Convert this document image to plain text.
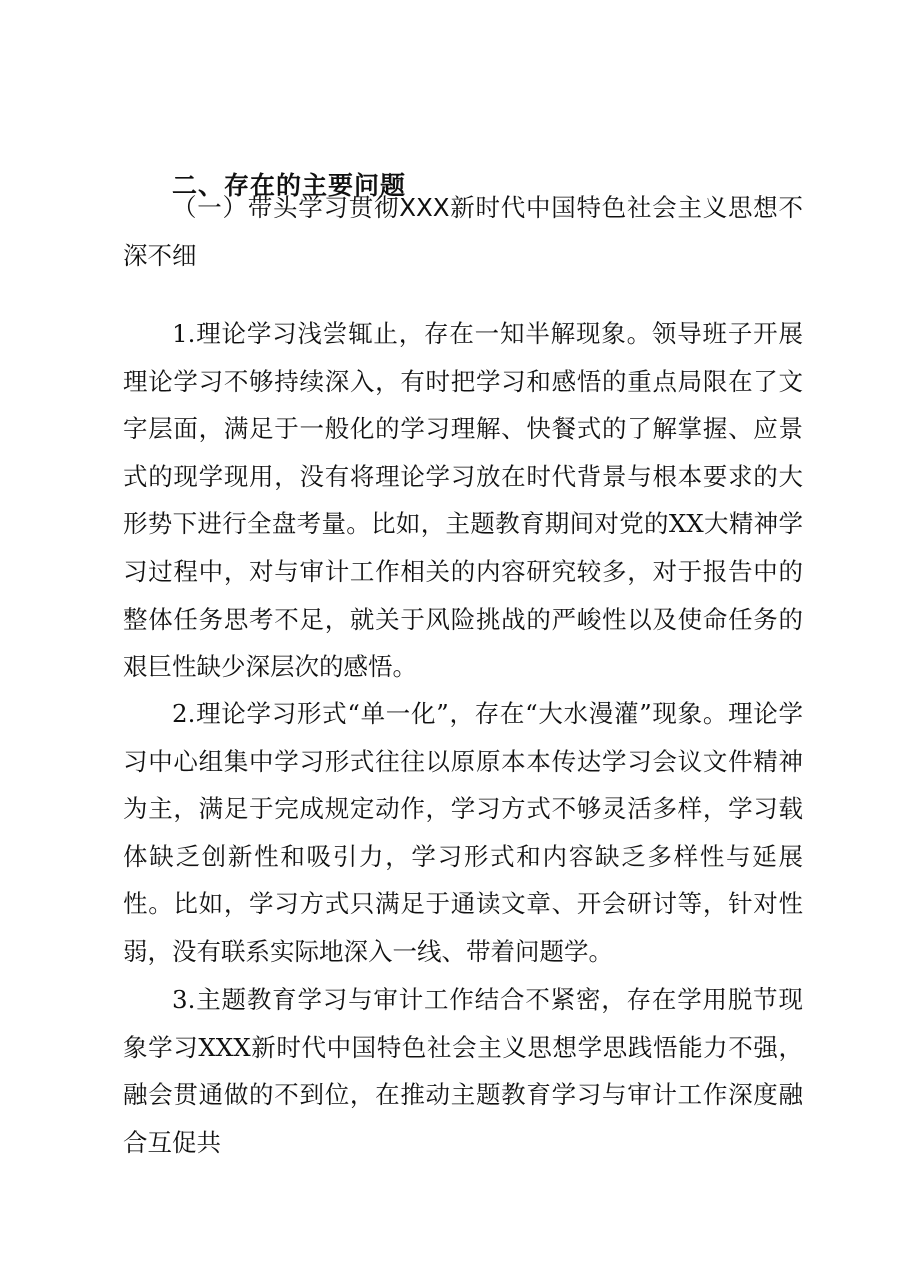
二、存在的主要问题
（一）带头学习贯彻XXX新时代中国特色社会主义思想不深不细

1.理论学习浅尝辄止，存在一知半解现象。领导班子开展理论学习不够持续深入，有时把学习和感悟的重点局限在了文字层面，满足于一般化的学习理解、快餐式的了解掌握、应景式的现学现用，没有将理论学习放在时代背景与根本要求的大形势下进行全盘考量。比如，主题教育期间对党的XX大精神学习过程中，对与审计工作相关的内容研究较多，对于报告中的整体任务思考不足，就关于风险挑战的严峻性以及使命任务的艰巨性缺少深层次的感悟。

2.理论学习形式“单一化”，存在“大水漫灌”现象。理论学习中心组集中学习形式往往以原原本本传达学习会议文件精神为主，满足于完成规定动作，学习方式不够灵活多样，学习载体缺乏创新性和吸引力，学习形式和内容缺乏多样性与延展性。比如，学习方式只满足于通读文章、开会研讨等，针对性弱，没有联系实际地深入一线、带着问题学。

3.主题教育学习与审计工作结合不紧密，存在学用脱节现象学习XXX新时代中国特色社会主义思想学思践悟能力不强，融会贯通做的不到位，在推动主题教育学习与审计工作深度融合互促共
